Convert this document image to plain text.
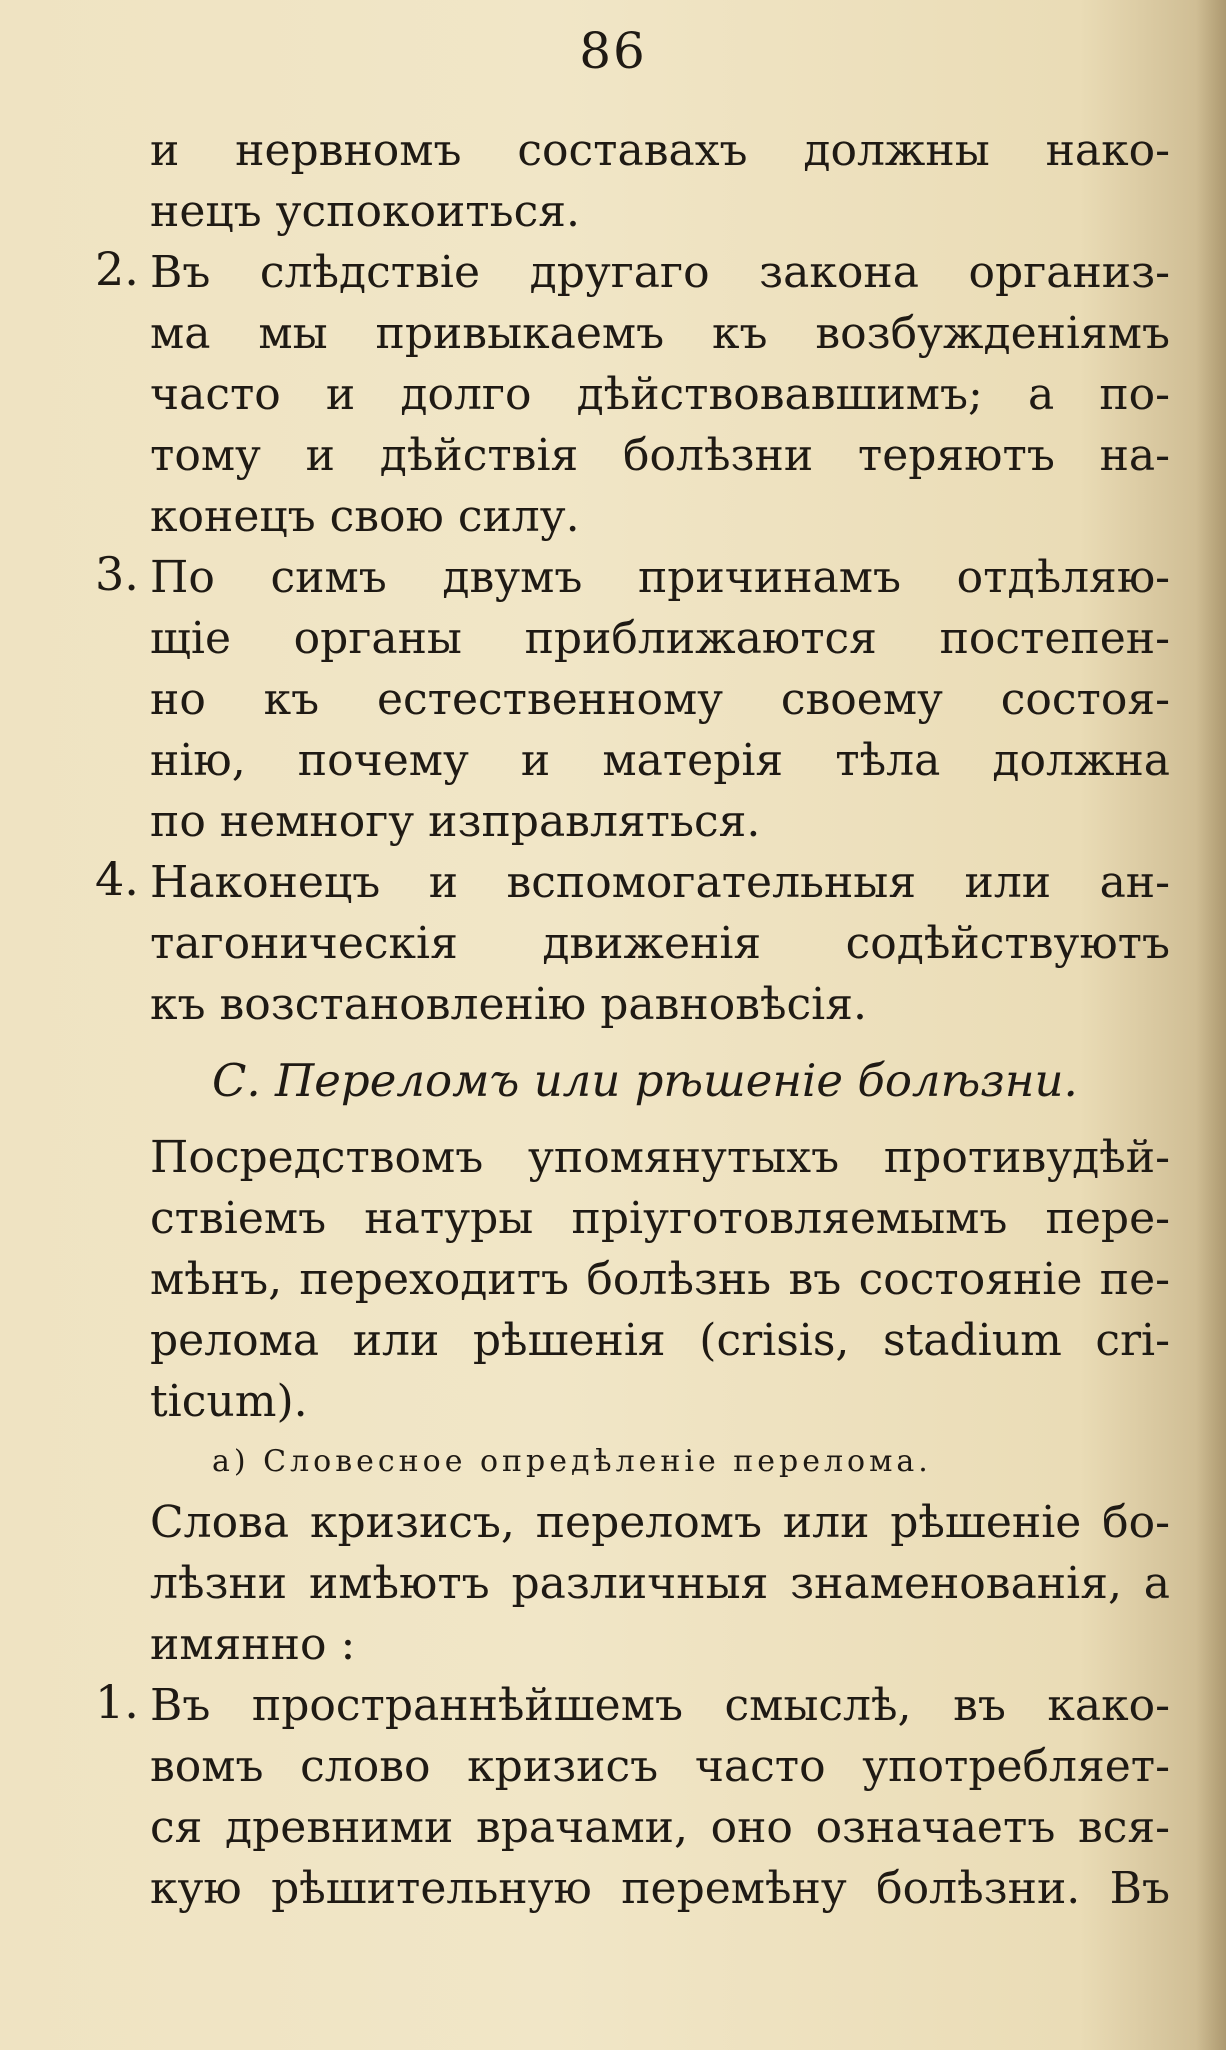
86
и нервномъ составахъ должны нако-
нецъ успокоиться.
2. Въ слѣдствіе другаго закона организ-
ма мы привыкаемъ къ возбужденіямъ
часто и долго дѣйствовавшимъ; а по-
тому и дѣйствія болѣзни теряютъ на-
конецъ свою силу.
3. По симъ двумъ причинамъ отдѣляю-
щіе органы приближаются постепен-
но къ естественному своему состоя-
нію, почему и матерія тѣла должна
по немногу изправляться.
4. Наконецъ и вспомогательныя или ан-
тагоническія движенія содѣйствуютъ
къ возстановленію равновѣсія.
С. Переломъ или рѣшеніе болѣзни.
Посредствомъ упомянутыхъ противудѣй-
ствіемъ натуры пріуготовляемымъ пере-
мѣнъ, переходитъ болѣзнь въ состояніе пе-
релома или рѣшенія (crisis, stadium cri-
ticum).
а) Словесное опредѣленіе перелома.
Слова кризисъ, переломъ или рѣшеніе бо-
лѣзни имѣютъ различныя знаменованія, а
имянно :
1. Въ пространнѣйшемъ смыслѣ, въ како-
вомъ слово кризисъ часто употребляет-
ся древними врачами, оно означаетъ вся-
кую рѣшительную перемѣну болѣзни. Въ
